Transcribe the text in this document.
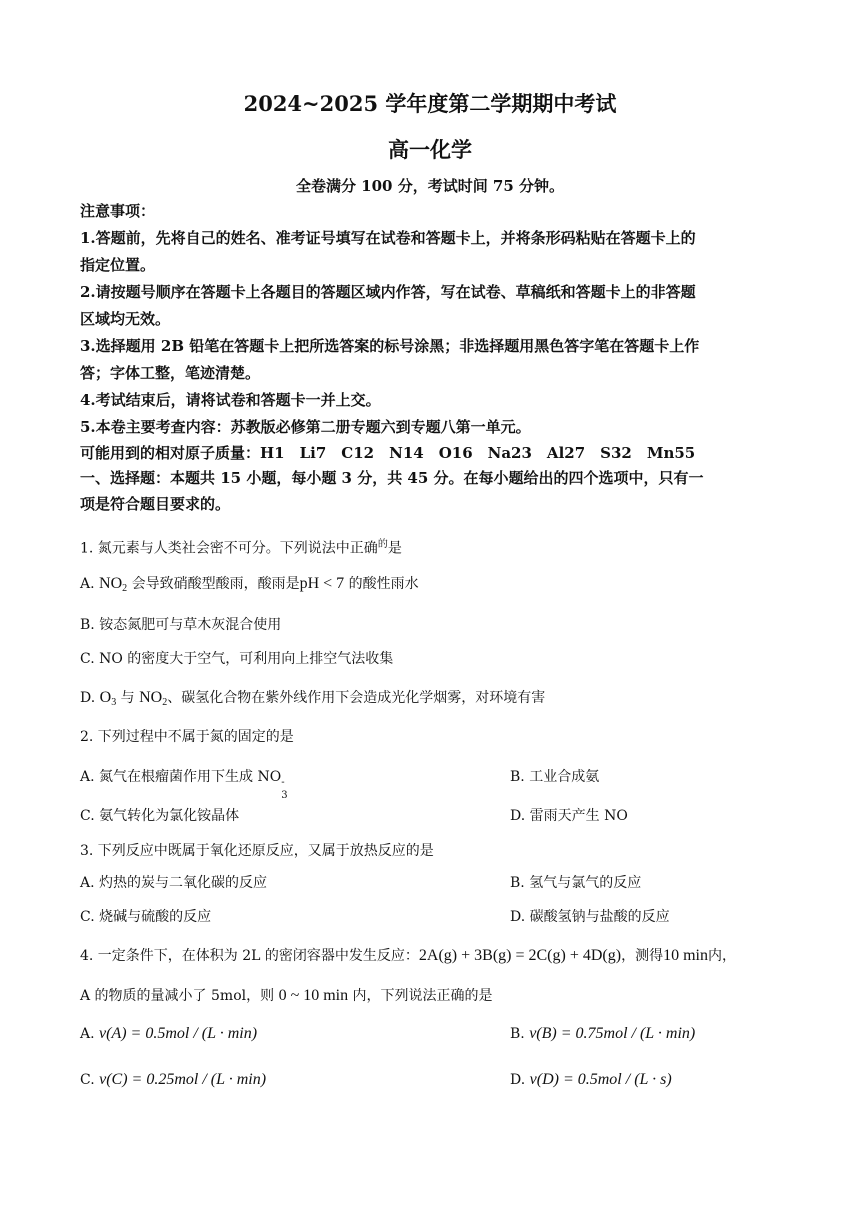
2024~2025 学年度第二学期期中考试
高一化学
全卷满分 100 分，考试时间 75 分钟。
注意事项：
1.答题前，先将自己的姓名、准考证号填写在试卷和答题卡上，并将条形码粘贴在答题卡上的
指定位置。
2.请按题号顺序在答题卡上各题目的答题区域内作答，写在试卷、草稿纸和答题卡上的非答题
区域均无效。
3.选择题用 2B 铅笔在答题卡上把所选答案的标号涂黑；非选择题用黑色答字笔在答题卡上作
答；字体工整，笔迹清楚。
4.考试结束后，请将试卷和答题卡一并上交。
5.本卷主要考查内容：苏教版必修第二册专题六到专题八第一单元。
可能用到的相对原子质量：H1　Li7　C12　N14　O16　Na23　Al27　S32　Mn55
一、选择题：本题共 15 小题，每小题 3 分，共 45 分。在每小题给出的四个选项中，只有一
项是符合题目要求的。
1. 氮元素与人类社会密不可分。下列说法中正确$^的$是
A. $NO_2$ 会导致硝酸型酸雨，酸雨是pH < 7 的酸性雨水
B. 铵态氮肥可与草木灰混合使用
C. NO 的密度大于空气，可利用向上排空气法收集
D. $O_3$ 与 $NO_2$、碳氢化合物在紫外线作用下会造成光化学烟雾，对环境有害
2. 下列过程中不属于氮的固定的是
A. 氮气在根瘤菌作用下生成 NO -
3
B. 工业合成氨
C. 氨气转化为氯化铵晶体	D. 雷雨天产生 NO
3. 下列反应中既属于氧化还原反应，又属于放热反应的是
A. 灼热的炭与二氧化碳的反应	B. 氢气与氯气的反应
C. 烧碱与硫酸的反应	D. 碳酸氢钠与盐酸的反应
4. 一定条件下，在体积为 2L 的密闭容器中发生反应：2A(g) + 3B(g) = 2C(g) + 4D(g)，测得10 min内，
A 的物质的量减小了 5mol，则 0 ~ 10 min 内，下列说法正确的是
A. v(A) = 0.5mol / (L · min)	B. v(B) = 0.75mol / (L · min)
C. v(C) = 0.25mol / (L · min)	D. v(D) = 0.5mol / (L · s)
